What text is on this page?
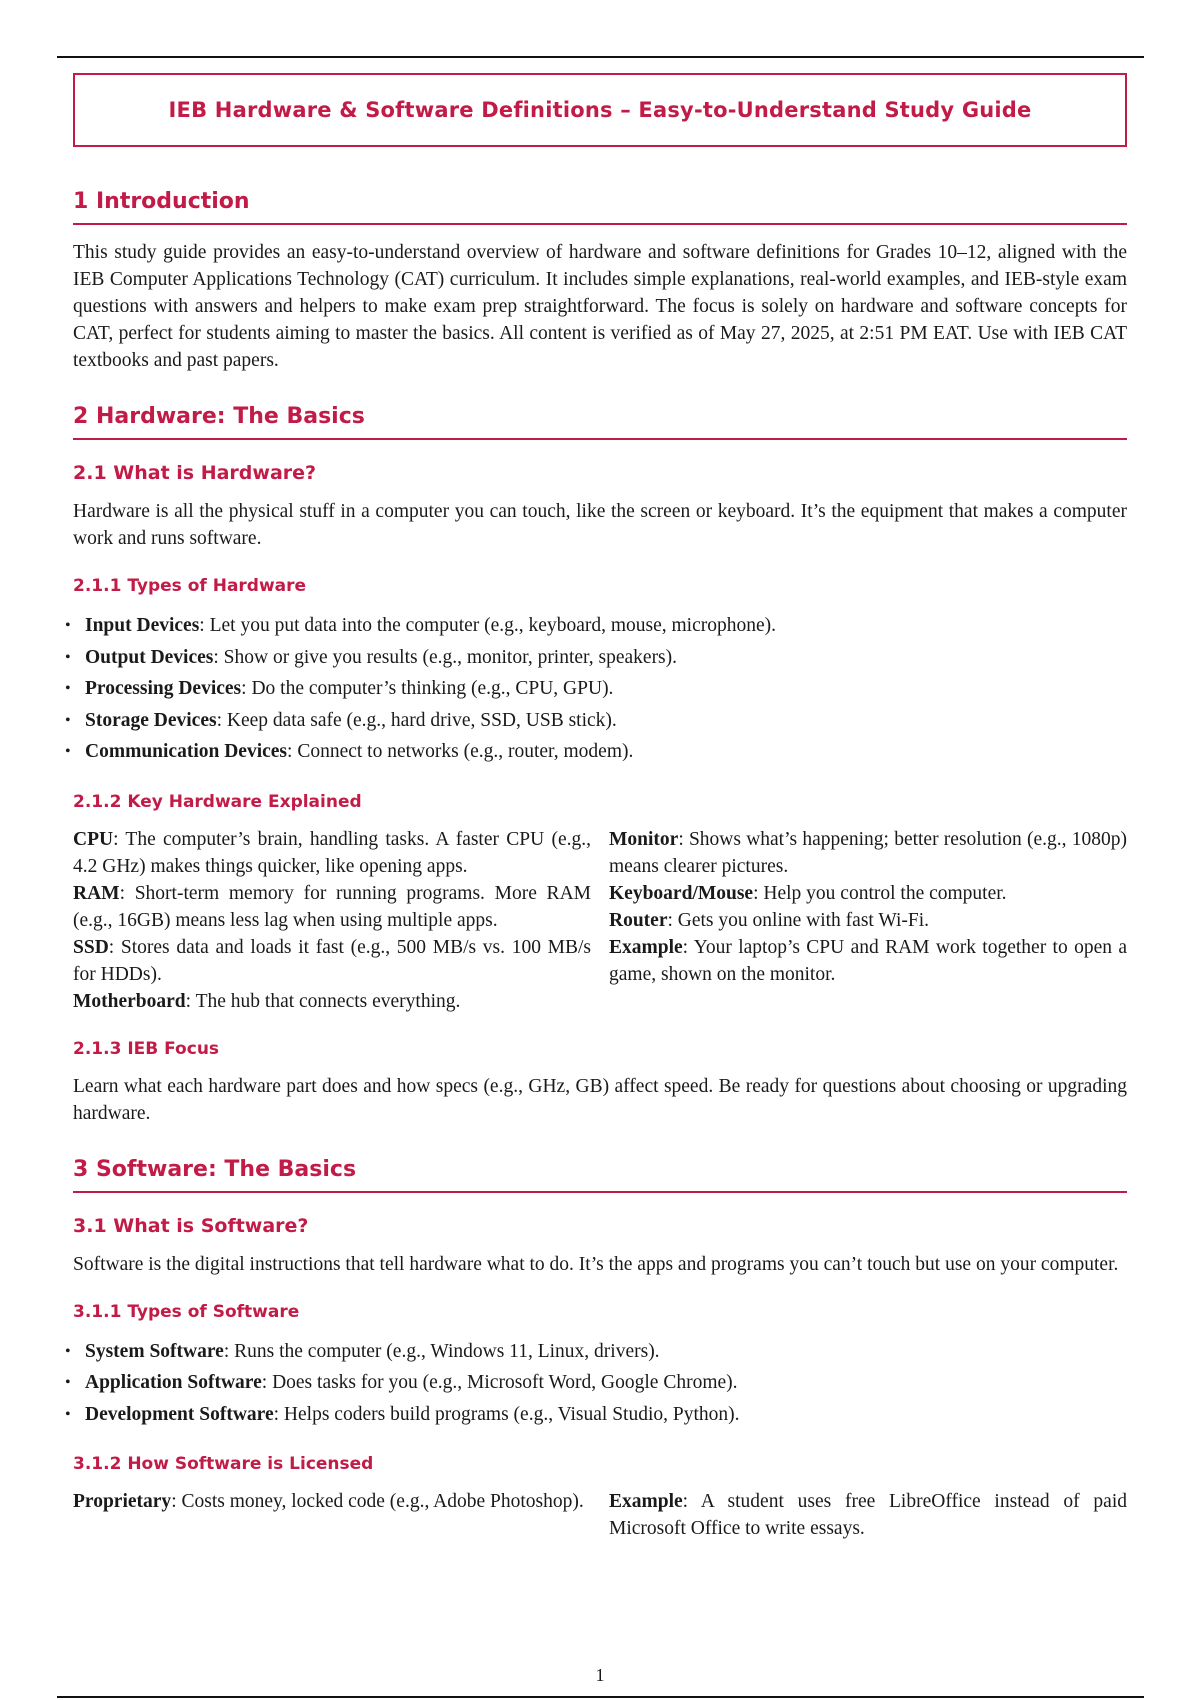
IEB Hardware & Software Definitions – Easy-to-Understand Study Guide
1 Introduction

This study guide provides an easy-to-understand overview of hardware and software definitions for Grades 10–12, aligned with the IEB Computer Applications Technology (CAT) curriculum. It includes simple explanations, real-world examples, and IEB-style exam questions with answers and helpers to make exam prep straightforward. The focus is solely on hardware and software concepts for CAT, perfect for students aiming to master the basics. All content is verified as of May 27, 2025, at 2:51 PM EAT. Use with IEB CAT textbooks and past papers.

2 Hardware: The Basics
2.1 What is Hardware?

Hardware is all the physical stuff in a computer you can touch, like the screen or keyboard. It’s the equipment that makes a computer work and runs software.

2.1.1 Types of Hardware
• Input Devices: Let you put data into the computer (e.g., keyboard, mouse, microphone).
• Output Devices: Show or give you results (e.g., monitor, printer, speakers).
• Processing Devices: Do the computer’s thinking (e.g., CPU, GPU).
• Storage Devices: Keep data safe (e.g., hard drive, SSD, USB stick).
• Communication Devices: Connect to networks (e.g., router, modem).
2.1.2 Key Hardware Explained
CPU: The computer’s brain, handling tasks. A faster CPU (e.g., 4.2 GHz) makes things quicker, like opening apps.
RAM: Short-term memory for running programs. More RAM (e.g., 16GB) means less lag when using multiple apps.
SSD: Stores data and loads it fast (e.g., 500 MB/s vs. 100 MB/s for HDDs).
Motherboard: The hub that connects everything.
Monitor: Shows what’s happening; better resolution (e.g., 1080p) means clearer pictures.
Keyboard/Mouse: Help you control the computer.
Router: Gets you online with fast Wi-Fi.
Example: Your laptop’s CPU and RAM work together to open a game, shown on the monitor.
2.1.3 IEB Focus

Learn what each hardware part does and how specs (e.g., GHz, GB) affect speed. Be ready for questions about choosing or upgrading hardware.

3 Software: The Basics
3.1 What is Software?

Software is the digital instructions that tell hardware what to do. It’s the apps and programs you can’t touch but use on your computer.

3.1.1 Types of Software
• System Software: Runs the computer (e.g., Windows 11, Linux, drivers).
• Application Software: Does tasks for you (e.g., Microsoft Word, Google Chrome).
• Development Software: Helps coders build programs (e.g., Visual Studio, Python).
3.1.2 How Software is Licensed
Proprietary: Costs money, locked code (e.g., Adobe Photoshop).	Example: A student uses free LibreOffice instead of paid Microsoft Office to write essays.
1
